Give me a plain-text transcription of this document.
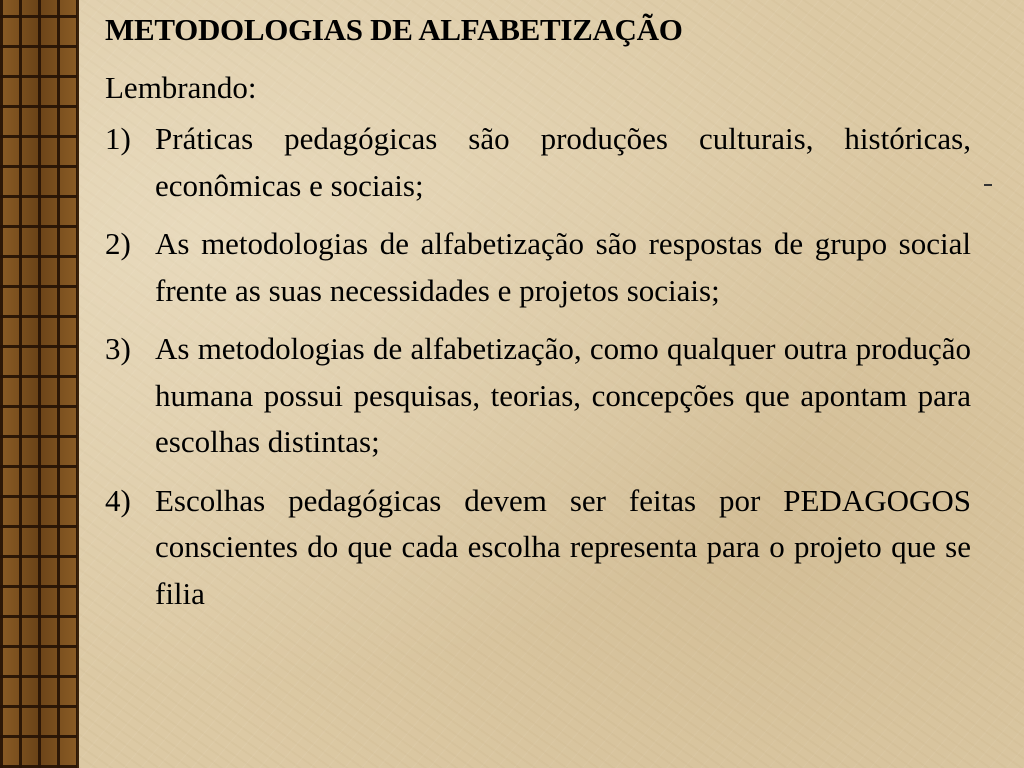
METODOLOGIAS DE ALFABETIZAÇÃO

Lembrando:

1) Práticas pedagógicas são produções culturais, históricas, econômicas e sociais;
2) As metodologias de alfabetização são respostas de grupo social frente as suas necessidades e projetos sociais;
3) As metodologias de alfabetização, como qualquer outra produção humana possui pesquisas, teorias, concepções que apontam para escolhas distintas;
4) Escolhas pedagógicas devem ser feitas por PEDAGOGOS conscientes do que cada escolha representa para o projeto que se filia
